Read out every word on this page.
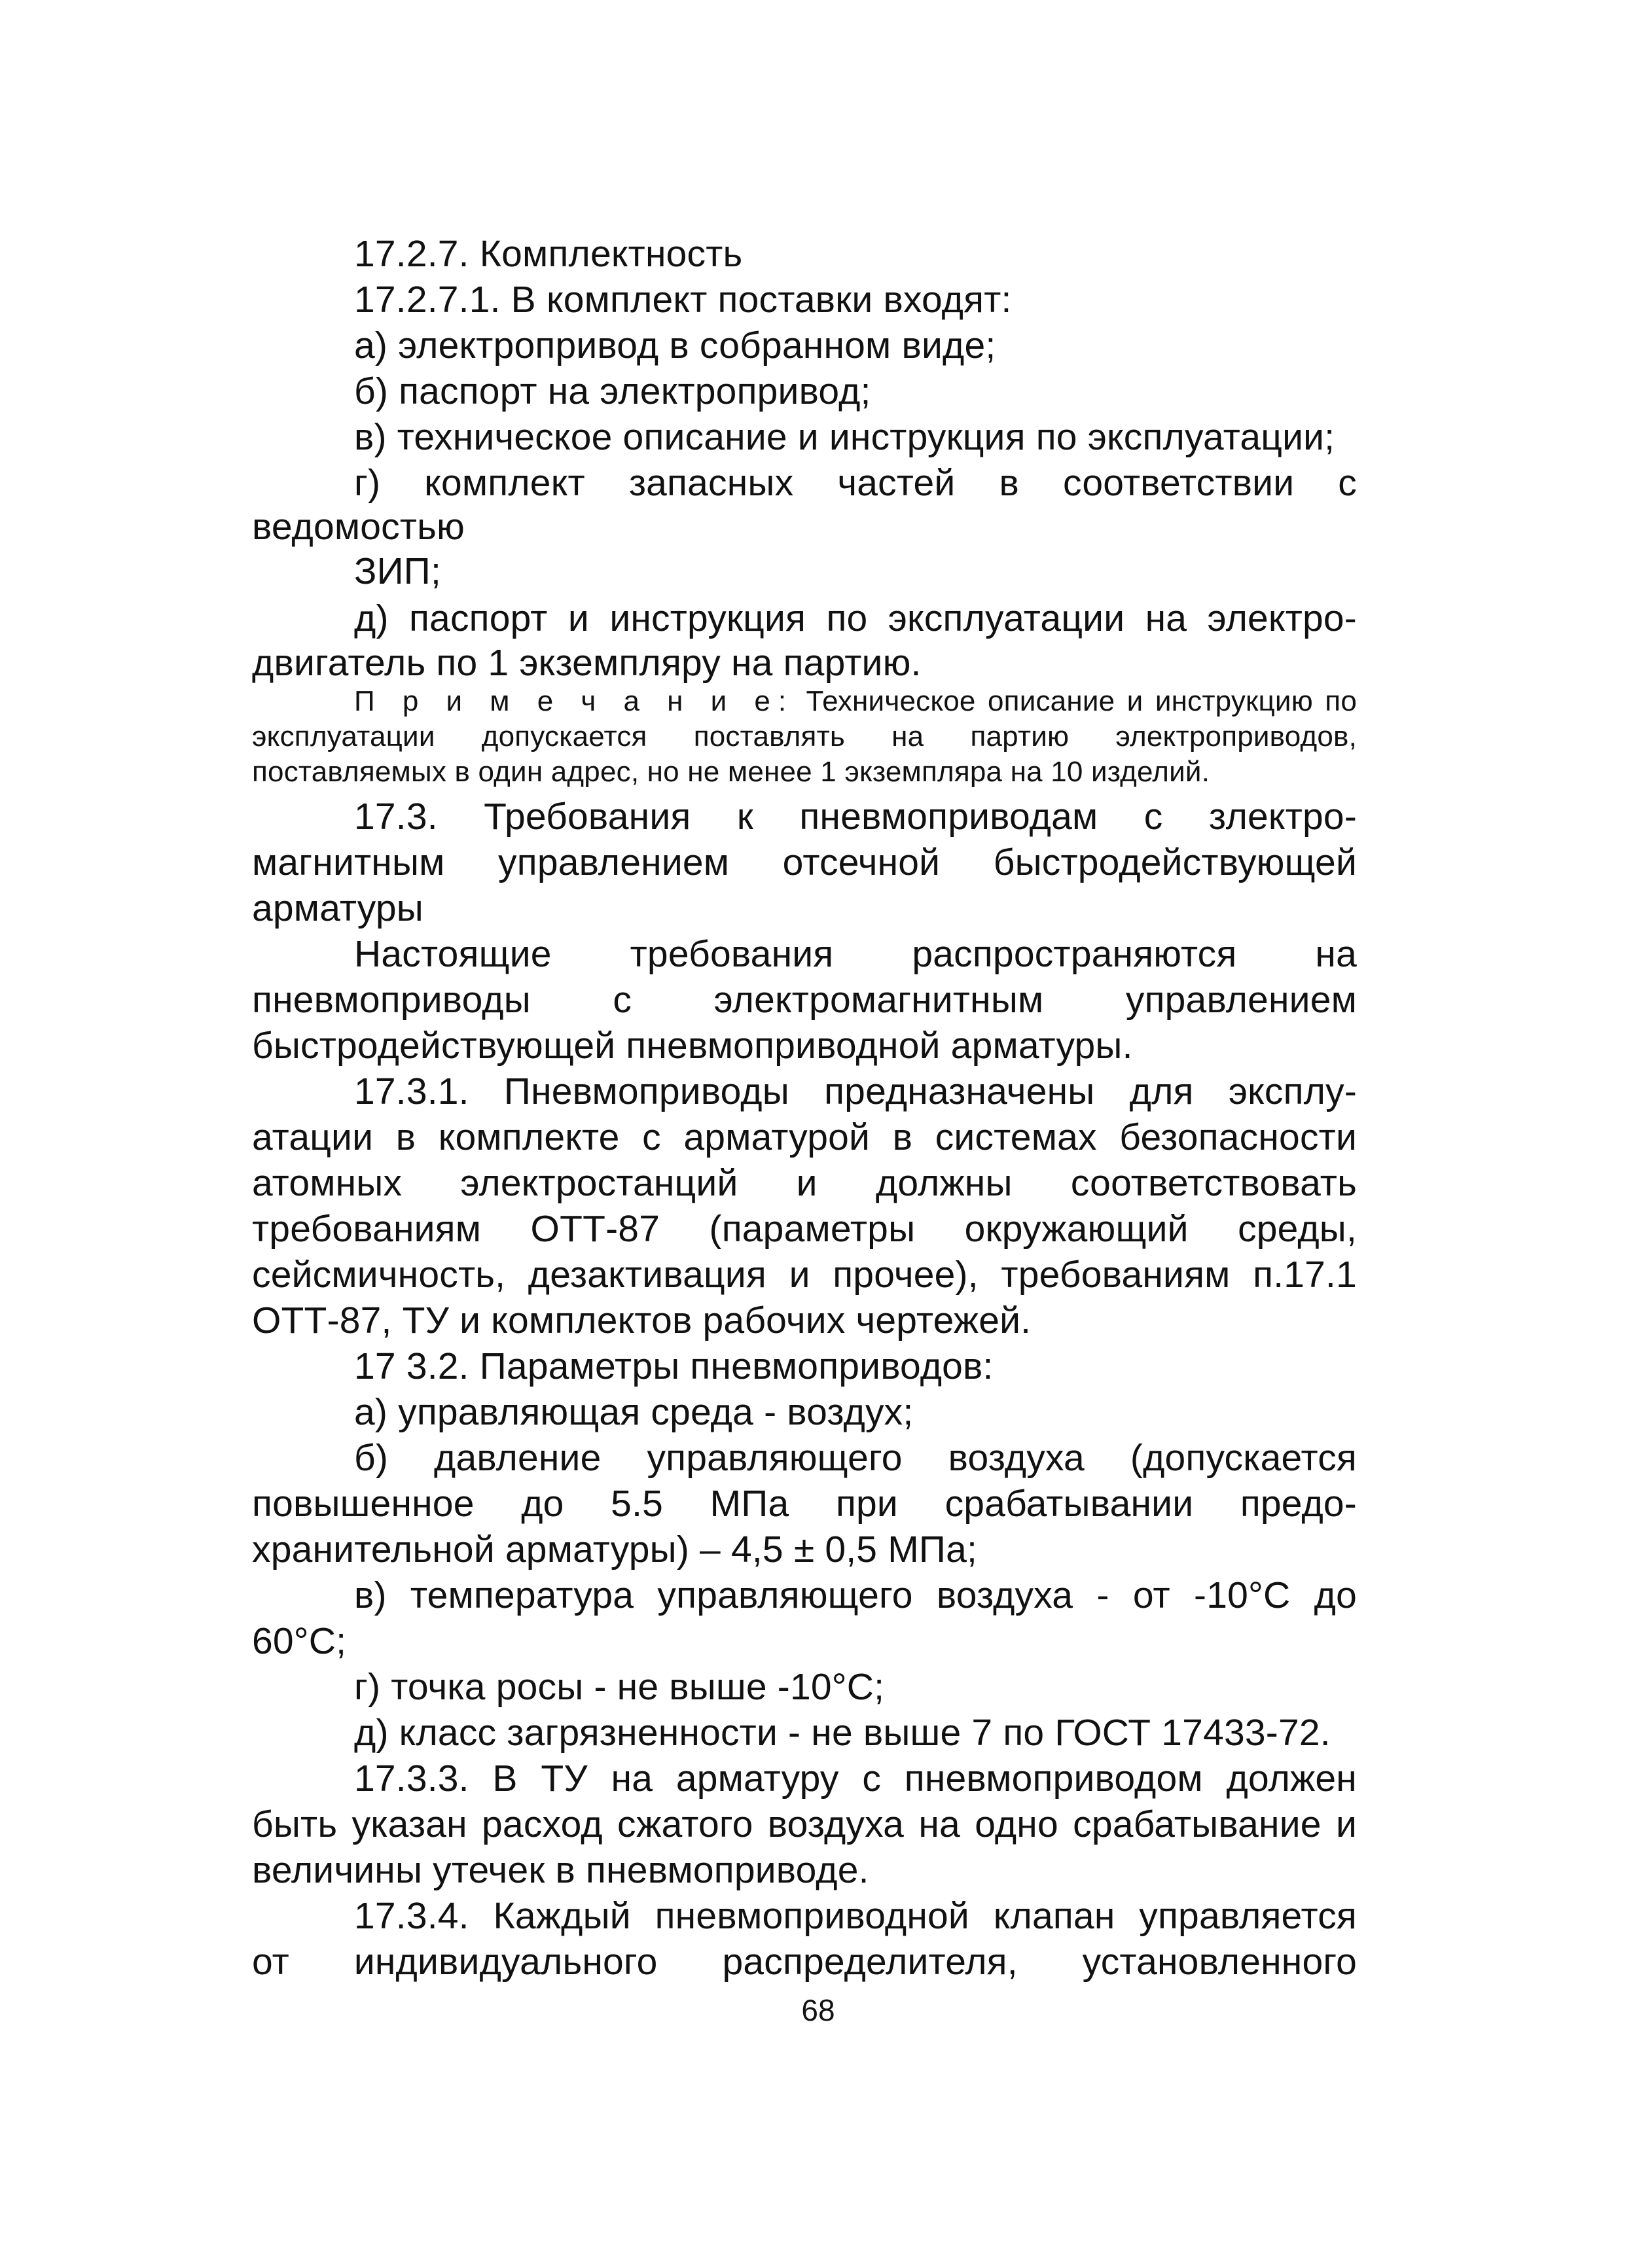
17.2.7. Комплектность
17.2.7.1. В комплект поставки входят:
а) электропривод в собранном виде;
б) паспорт на электропривод;
в) техническое описание и инструкция по эксплуатации;
г) комплект запасных частей в соответствии с
ведомостью
ЗИП;
д) паспорт и инструкция по эксплуатации на электро-
двигатель по 1 экземпляру на партию.
П р и м е ч а н и е: Техническое описание и инструкцию по
эксплуатации допускается поставлять на партию электроприводов,
поставляемых в один адрес, но не менее 1 экземпляра на 10 изделий.
17.3. Требования к пневмоприводам с злектро-
магнитным управлением отсечной быстродействующей
арматуры
Настоящие требования распространяются на
пневмоприводы с электромагнитным управлением
быстродействующей пневмоприводной арматуры.
17.3.1. Пневмоприводы предназначены для эксплу-
атации в комплекте с арматурой в системах безопасности
атомных электростанций и должны соответствовать
требованиям ОТТ-87 (параметры окружающий среды,
сейсмичность, дезактивация и прочее), требованиям п.17.1
ОТТ-87, ТУ и комплектов рабочих чертежей.
17 3.2. Параметры пневмоприводов:
а) управляющая среда - воздух;
б) давление управляющего воздуха (допускается
повышенное до 5.5 МПа при срабатывании предо-
хранительной арматуры) – 4,5 ± 0,5 МПа;
в) температура управляющего воздуха - от -10°С до
60°С;
г) точка росы - не выше -10°С;
д) класс загрязненности - не выше 7 по ГОСТ 17433-72.
17.3.3. В ТУ на арматуру с пневмоприводом должен
быть указан расход сжатого воздуха на одно срабатывание и
величины утечек в пневмоприводе.
17.3.4. Каждый пневмоприводной клапан управляется
от индивидуального распределителя, установленного
68
